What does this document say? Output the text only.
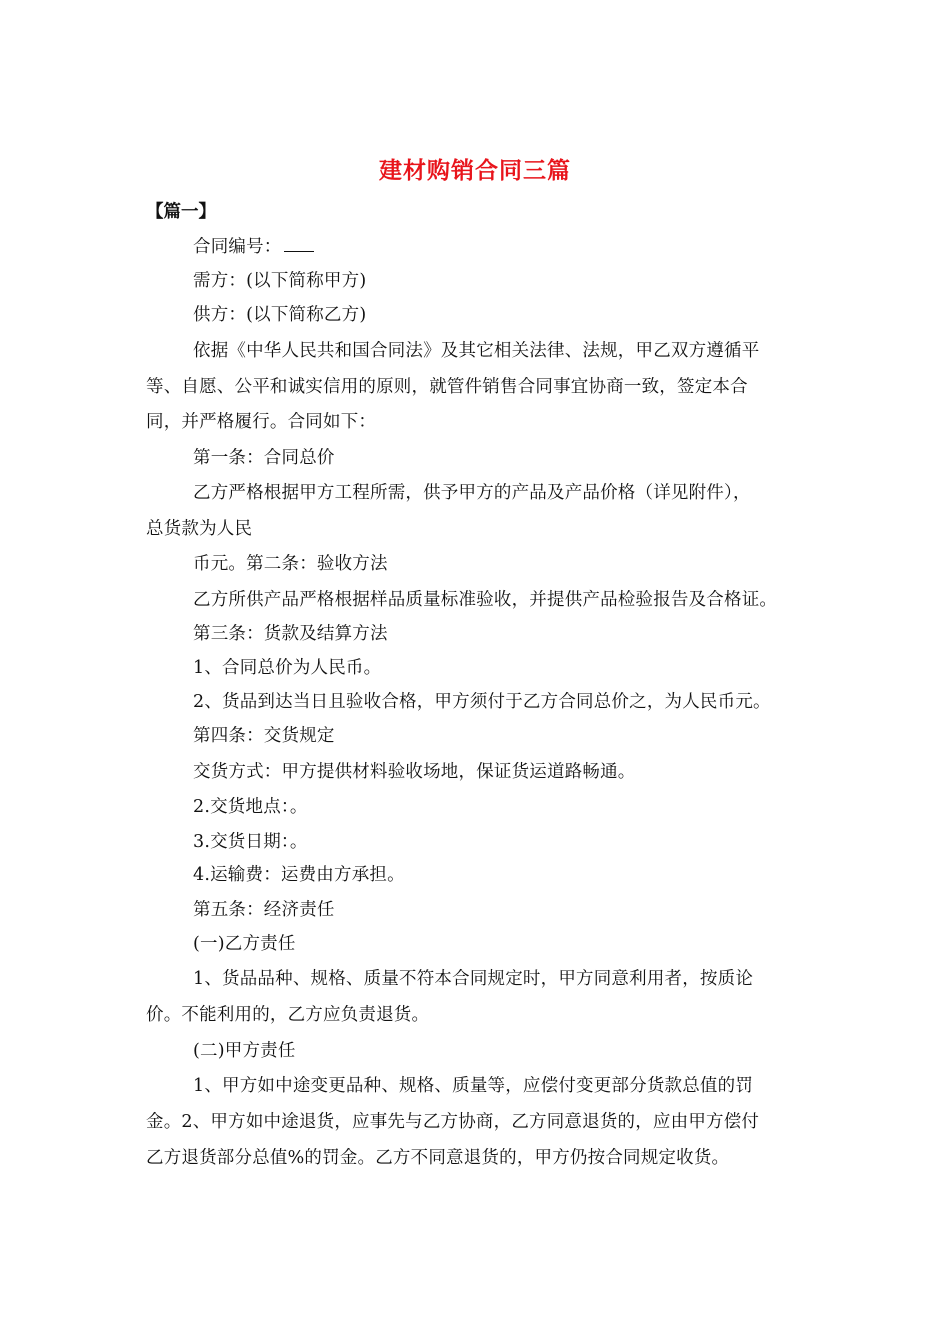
建材购销合同三篇
【篇一】
合同编号：
需方：(以下简称甲方)
供方：(以下简称乙方)
依据《中华人民共和国合同法》及其它相关法律、法规，甲乙双方遵循平
等、自愿、公平和诚实信用的原则，就管件销售合同事宜协商一致，签定本合
同，并严格履行。合同如下：
第一条：合同总价
乙方严格根据甲方工程所需，供予甲方的产品及产品价格（详见附件），
总货款为人民
币元。第二条：验收方法
乙方所供产品严格根据样品质量标准验收，并提供产品检验报告及合格证。
第三条：货款及结算方法
1、合同总价为人民币。
2、货品到达当日且验收合格，甲方须付于乙方合同总价之，为人民币元。
第四条：交货规定
交货方式：甲方提供材料验收场地，保证货运道路畅通。
2.交货地点：。
3.交货日期：。
4.运输费：运费由方承担。
第五条：经济责任
(一)乙方责任
1、货品品种、规格、质量不符本合同规定时，甲方同意利用者，按质论
价。不能利用的，乙方应负责退货。
(二)甲方责任
1、甲方如中途变更品种、规格、质量等，应偿付变更部分货款总值的罚
金。2、甲方如中途退货，应事先与乙方协商，乙方同意退货的，应由甲方偿付
乙方退货部分总值%的罚金。乙方不同意退货的，甲方仍按合同规定收货。
